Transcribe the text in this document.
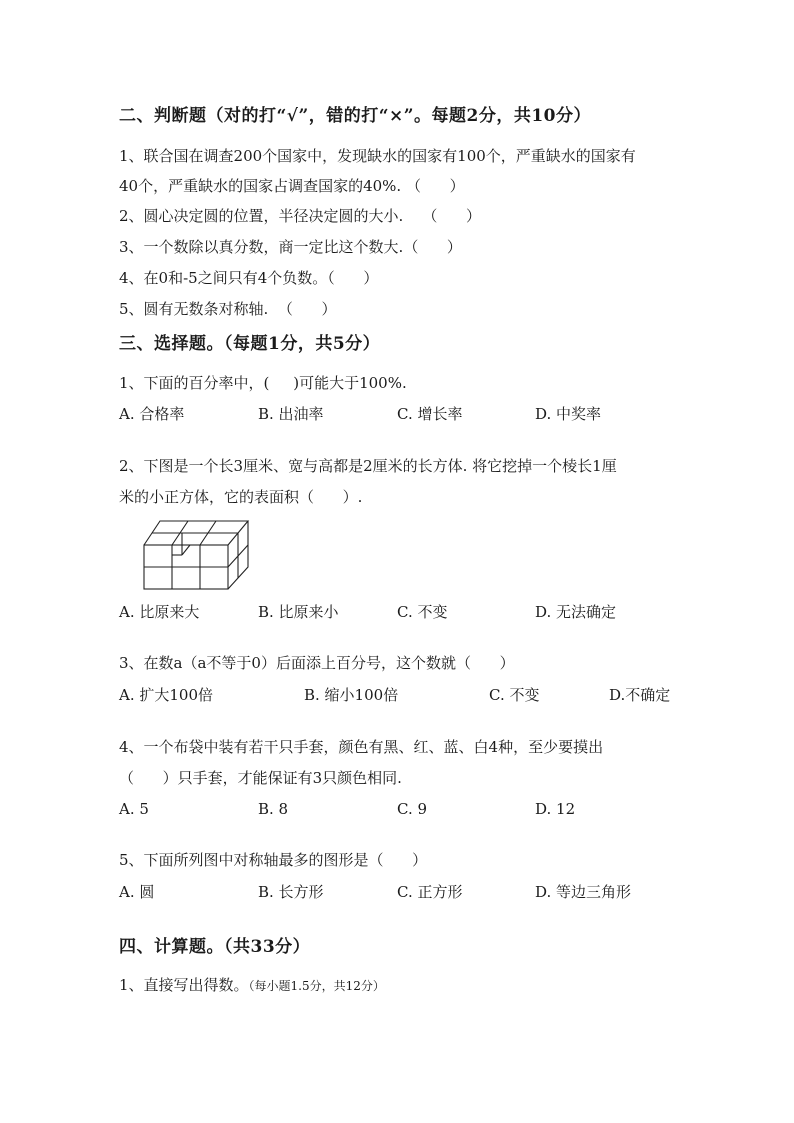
二、判断题（对的打“√”，错的打“×”。每题2分，共10分）
1、联合国在调查200个国家中，发现缺水的国家有100个，严重缺水的国家有
40个，严重缺水的国家占调查国家的40%. （      ）
2、圆心决定圆的位置，半径决定圆的大小.    （      ）
3、一个数除以真分数，商一定比这个数大.（      ）
4、在0和-5之间只有4个负数。（      ）
5、圆有无数条对称轴.  （      ）
三、选择题。（每题1分，共5分）
1、下面的百分率中，(     )可能大于100%.
A. 合格率	B. 出油率	C. 增长率	D. 中奖率
2、下图是一个长3厘米、宽与高都是2厘米的长方体. 将它挖掉一个棱长1厘
米的小正方体，它的表面积（      ）.
A. 比原来大	B. 比原来小	C. 不变	D. 无法确定
3、在数a（a不等于0）后面添上百分号，这个数就（      ）
A. 扩大100倍	B. 缩小100倍	C. 不变	D.不确定
4、一个布袋中装有若干只手套，颜色有黑、红、蓝、白4种，至少要摸出
（      ）只手套，才能保证有3只颜色相同.
A. 5	B. 8	C. 9	D. 12
5、下面所列图中对称轴最多的图形是（      ）
A. 圆	B. 长方形	C. 正方形	D. 等边三角形
四、计算题。（共33分）
1、直接写出得数。（每小题1.5分，共12分）
